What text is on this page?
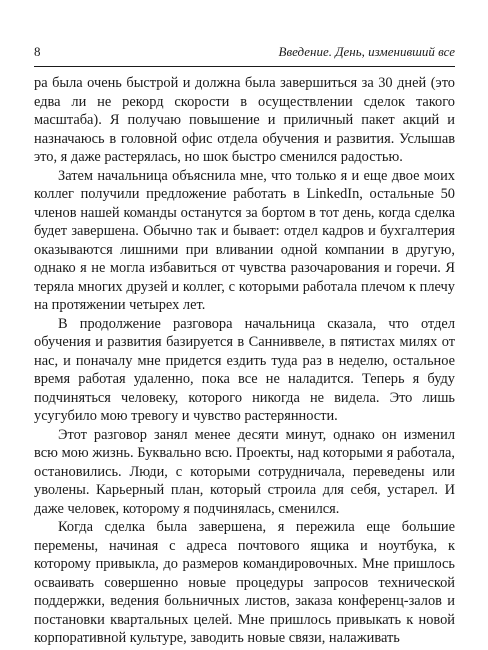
8	Введение. День, изменивший все

ра была очень быстрой и должна была завершиться за 30 дней (это едва ли не рекорд скорости в осуществлении сделок такого масштаба). Я получаю повышение и приличный пакет акций и назначаюсь в головной офис отдела обучения и развития. Услышав это, я даже растерялась, но шок быстро сменился радостью.

Затем начальница объяснила мне, что только я и еще двое моих коллег получили предложение работать в LinkedIn, остальные 50 членов нашей команды останутся за бортом в тот день, когда сделка будет завершена. Обычно так и бывает: отдел кадров и бухгалтерия оказываются лишними при вливании одной компании в другую, однако я не могла избавиться от чувства разочарования и горечи. Я теряла многих друзей и коллег, с которыми работала плечом к плечу на протяжении четырех лет.

В продолжение разговора начальница сказала, что отдел обучения и развития базируется в Санниввеле, в пятистах милях от нас, и поначалу мне придется ездить туда раз в неделю, остальное время работая удаленно, пока все не наладится. Теперь я буду подчиняться человеку, которого никогда не видела. Это лишь усугубило мою тревогу и чувство растерянности.

Этот разговор занял менее десяти минут, однако он изменил всю мою жизнь. Буквально всю. Проекты, над которыми я работала, остановились. Люди, с которыми сотрудничала, переведены или уволены. Карьерный план, который строила для себя, устарел. И даже человек, которому я подчинялась, сменился.

Когда сделка была завершена, я пережила еще большие перемены, начиная с адреса почтового ящика и ноутбука, к которому привыкла, до размеров командировочных. Мне пришлось осваивать совершенно новые процедуры запросов технической поддержки, ведения больничных листов, заказа конференц-залов и постановки квартальных целей. Мне пришлось привыкать к новой корпоративной культуре, заводить новые связи, налаживать
